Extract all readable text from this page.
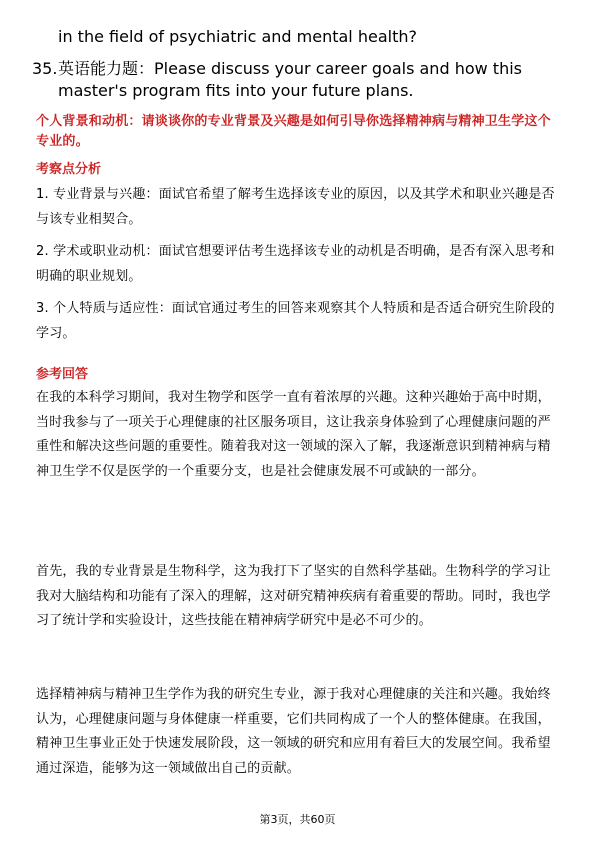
in the field of psychiatric and mental health?
35. 英语能力题：Please discuss your career goals and how this
master's program fits into your future plans.
个人背景和动机：请谈谈你的专业背景及兴趣是如何引导你选择精神病与精神卫生学这个专业的。
考察点分析
1. 专业背景与兴趣：面试官希望了解考生选择该专业的原因，以及其学术和职业兴趣是否与该专业相契合。
2. 学术或职业动机：面试官想要评估考生选择该专业的动机是否明确，是否有深入思考和明确的职业规划。
3. 个人特质与适应性：面试官通过考生的回答来观察其个人特质和是否适合研究生阶段的学习。
参考回答
在我的本科学习期间，我对生物学和医学一直有着浓厚的兴趣。这种兴趣始于高中时期，当时我参与了一项关于心理健康的社区服务项目，这让我亲身体验到了心理健康问题的严重性和解决这些问题的重要性。随着我对这一领域的深入了解，我逐渐意识到精神病与精神卫生学不仅是医学的一个重要分支，也是社会健康发展不可或缺的一部分。
首先，我的专业背景是生物科学，这为我打下了坚实的自然科学基础。生物科学的学习让我对大脑结构和功能有了深入的理解，这对研究精神疾病有着重要的帮助。同时，我也学习了统计学和实验设计，这些技能在精神病学研究中是必不可少的。
选择精神病与精神卫生学作为我的研究生专业，源于我对心理健康的关注和兴趣。我始终认为，心理健康问题与身体健康一样重要，它们共同构成了一个人的整体健康。在我国，精神卫生事业正处于快速发展阶段，这一领域的研究和应用有着巨大的发展空间。我希望通过深造，能够为这一领域做出自己的贡献。
第3页，共60页
